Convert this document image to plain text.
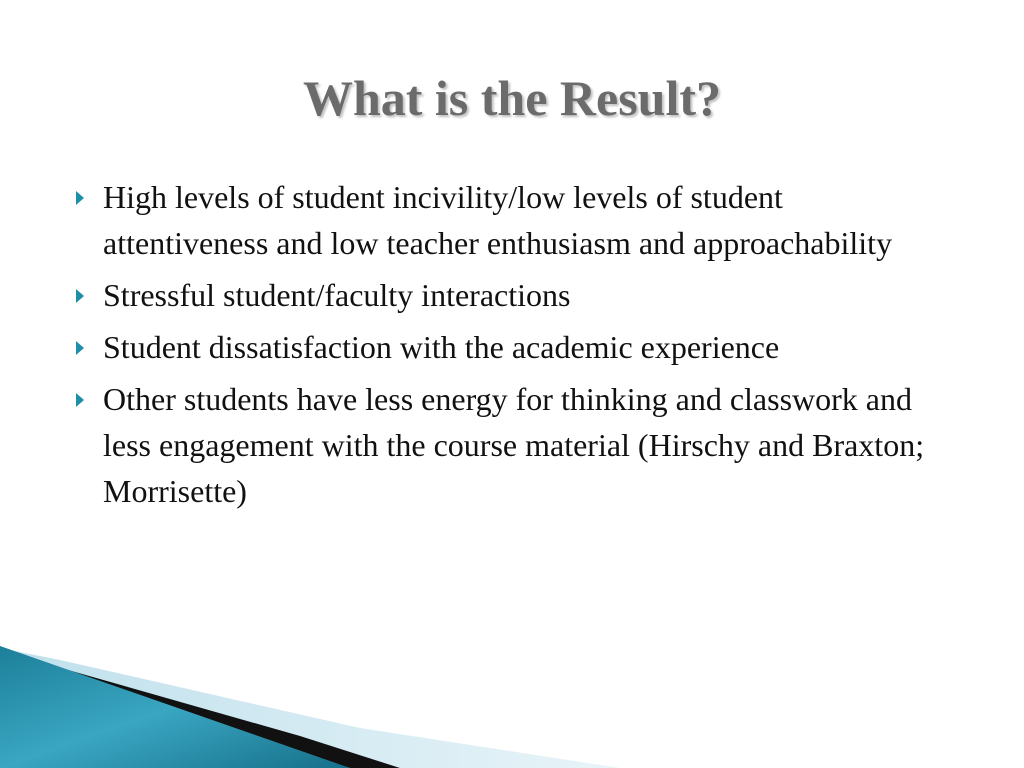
What is the Result?
High levels of student incivility/low levels of student attentiveness and low teacher enthusiasm and approachability
Stressful student/faculty interactions
Student dissatisfaction with the academic experience
Other students have less energy for thinking and classwork and less engagement with the course material (Hirschy and Braxton; Morrisette)
